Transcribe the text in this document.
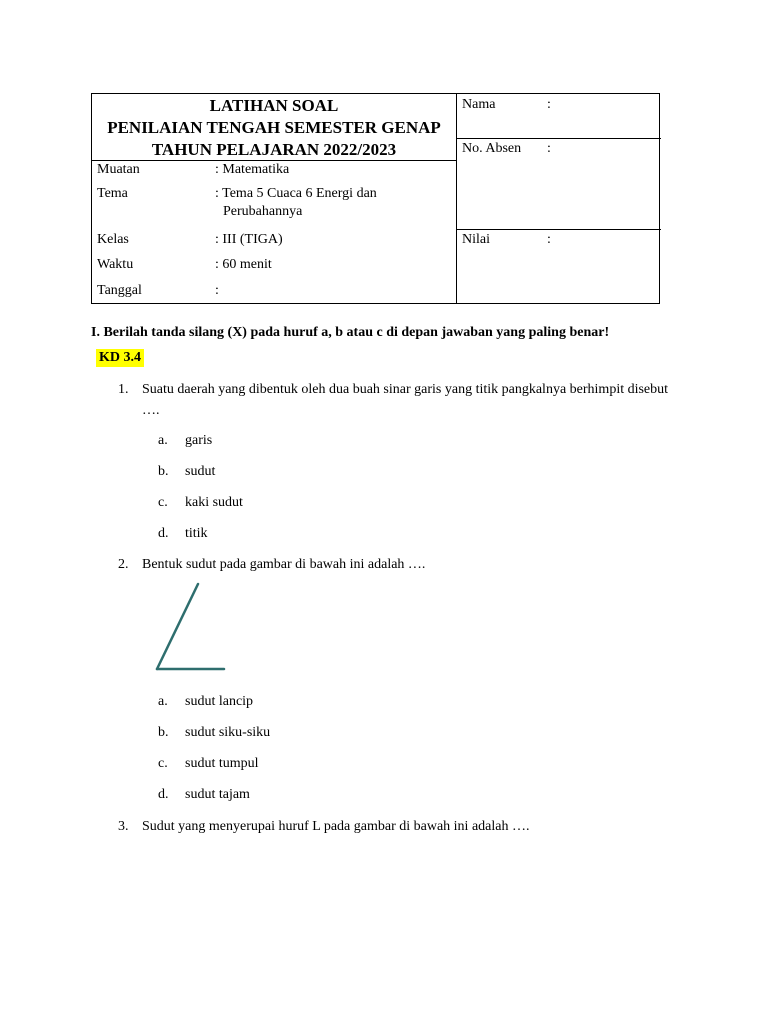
LATIHAN SOAL
PENILAIAN TENGAH SEMESTER GENAP
TAHUN PELAJARAN 2022/2023
Muatan	: Matematika
Tema	: Tema 5 Cuaca 6 Energi dan
Perubahannya
Kelas	: III (TIGA)
Waktu	: 60 menit
Tanggal	:
Nama	:
No. Absen :
Nilai	:
I. Berilah tanda silang (X) pada huruf a, b atau c di depan jawaban yang paling benar!
KD 3.4
1. Suatu daerah yang dibentuk oleh dua buah sinar garis yang titik pangkalnya berhimpit disebut
….
a. garis
b. sudut
c. kaki sudut
d. titik
2. Bentuk sudut pada gambar di bawah ini adalah ….
a. sudut lancip
b. sudut siku-siku
c. sudut tumpul
d. sudut tajam
3. Sudut yang menyerupai huruf L pada gambar di bawah ini adalah ….
